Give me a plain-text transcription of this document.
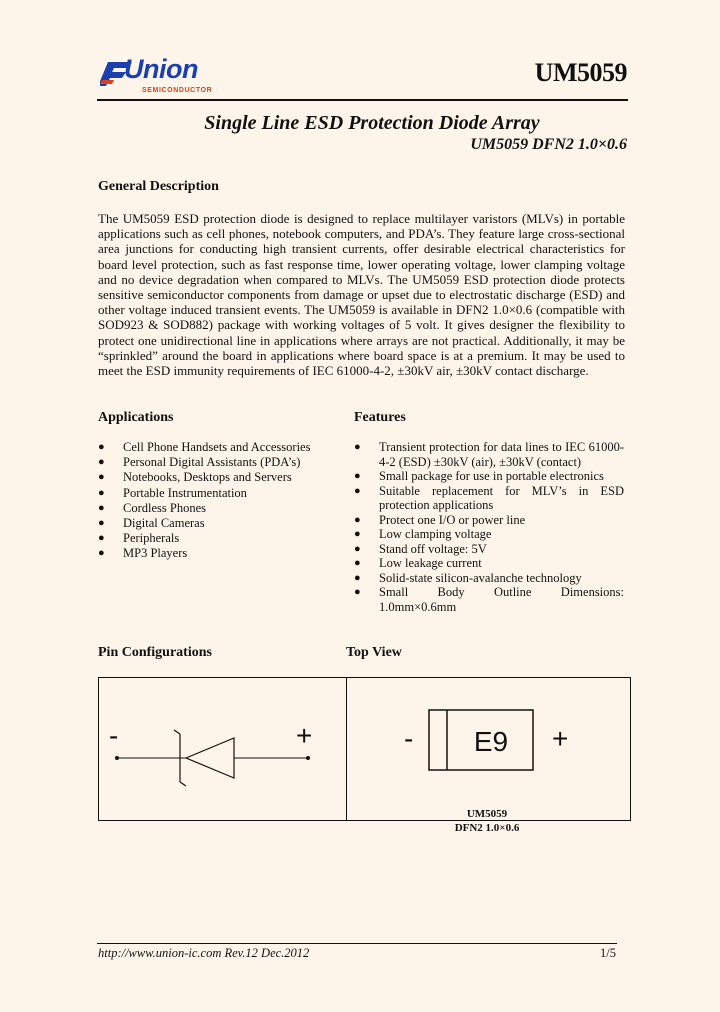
Union
SEMICONDUCTOR
UM5059
Single Line ESD Protection Diode Array
UM5059 DFN2 1.0×0.6
General Description
The UM5059 ESD protection diode is designed to replace multilayer varistors (MLVs) in portable applications such as cell phones, notebook computers, and PDA’s. They feature large cross-sectional area junctions for conducting high transient currents, offer desirable electrical characteristics for board level protection, such as fast response time, lower operating voltage, lower clamping voltage and no device degradation when compared to MLVs. The UM5059 ESD protection diode protects sensitive semiconductor components from damage or upset due to electrostatic discharge (ESD) and other voltage induced transient events. The UM5059 is available in DFN2 1.0×0.6 (compatible with SOD923 & SOD882) package with working voltages of 5 volt. It gives designer the flexibility to protect one unidirectional line in applications where arrays are not practical. Additionally, it may be “sprinkled” around the board in applications where board space is at a premium. It may be used to meet the ESD immunity requirements of IEC 61000-4-2, ±30kV air, ±30kV contact discharge.
Applications
● Cell Phone Handsets and Accessories
● Personal Digital Assistants (PDA’s)
● Notebooks, Desktops and Servers
● Portable Instrumentation
● Cordless Phones
● Digital Cameras
● Peripherals
● MP3 Players
Features
● Transient protection for data lines to IEC 61000-4-2 (ESD) ±30kV (air), ±30kV (contact)
● Small package for use in portable electronics
● Suitable replacement for MLV’s in ESD protection applications
● Protect one I/O or power line
● Low clamping voltage
● Stand off voltage: 5V
● Low leakage current
● Solid-state silicon-avalanche technology
● Small Body Outline Dimensions: 1.0mm×0.6mm
Pin Configurations	Top View
-	+	-	E9	+
UM5059
DFN2 1.0×0.6
http://www.union-ic.com Rev.12 Dec.2012	1/5
